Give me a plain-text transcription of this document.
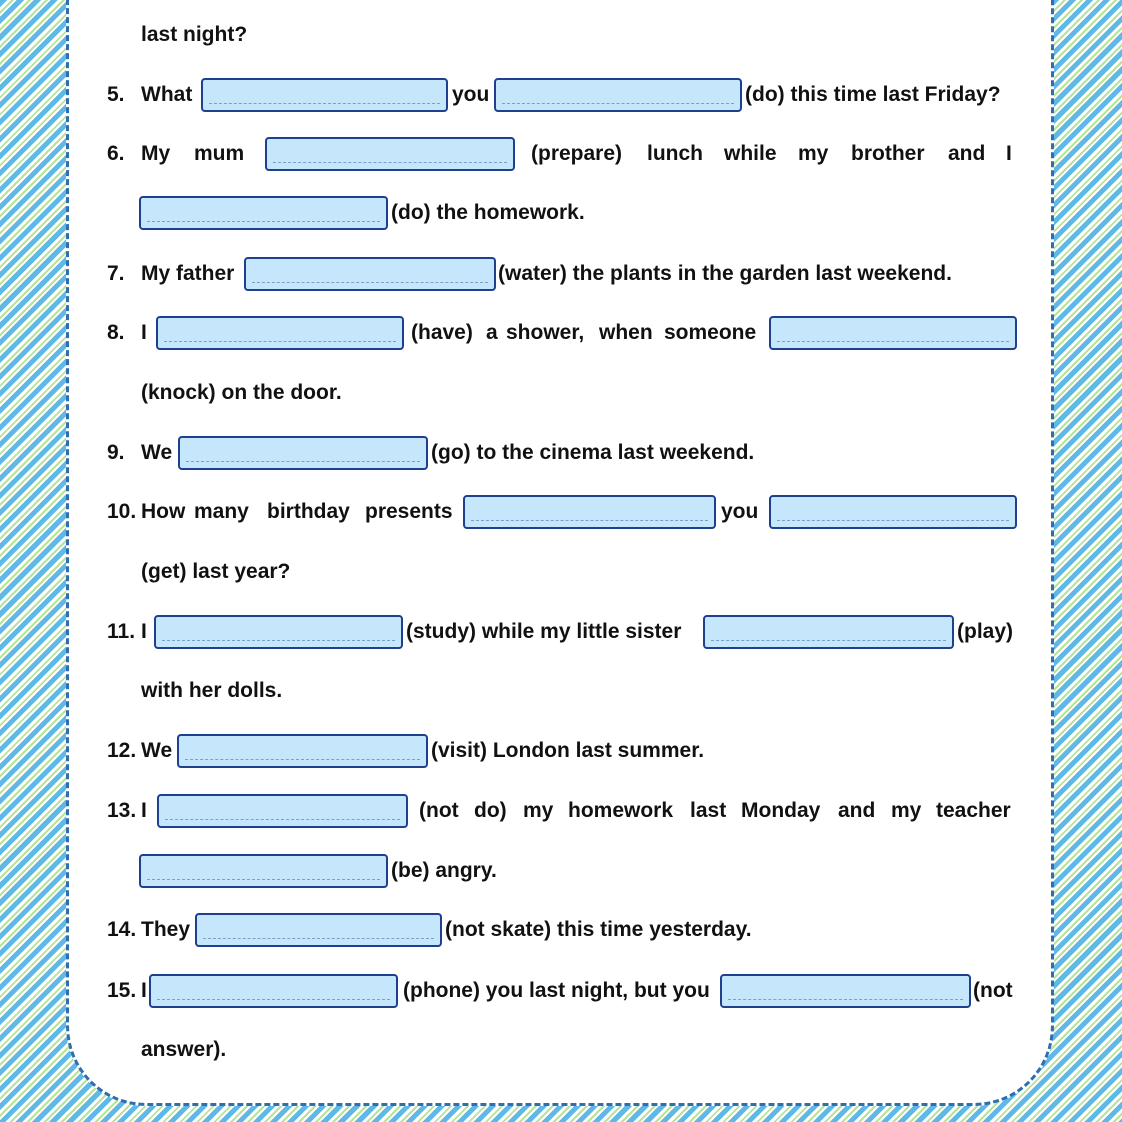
last night?
5. What	you	(do) this time last Friday?
6. My mum	(prepare) lunch while my brother and I
(do) the homework.
7. My father	(water) the plants in the garden last weekend.
8. I	(have) a shower, when someone
(knock) on the door.
9. We	(go) to the cinema last weekend.
10. How many birthday presents	you
(get) last year?
11. I	(study) while my little sister	(play)
with her dolls.
12. We	(visit) London last summer.
13. I	(not do) my homework last Monday and my teacher
(be) angry.
14. They	(not skate) this time yesterday.
15. I	(phone) you last night, but you	(not
answer).
